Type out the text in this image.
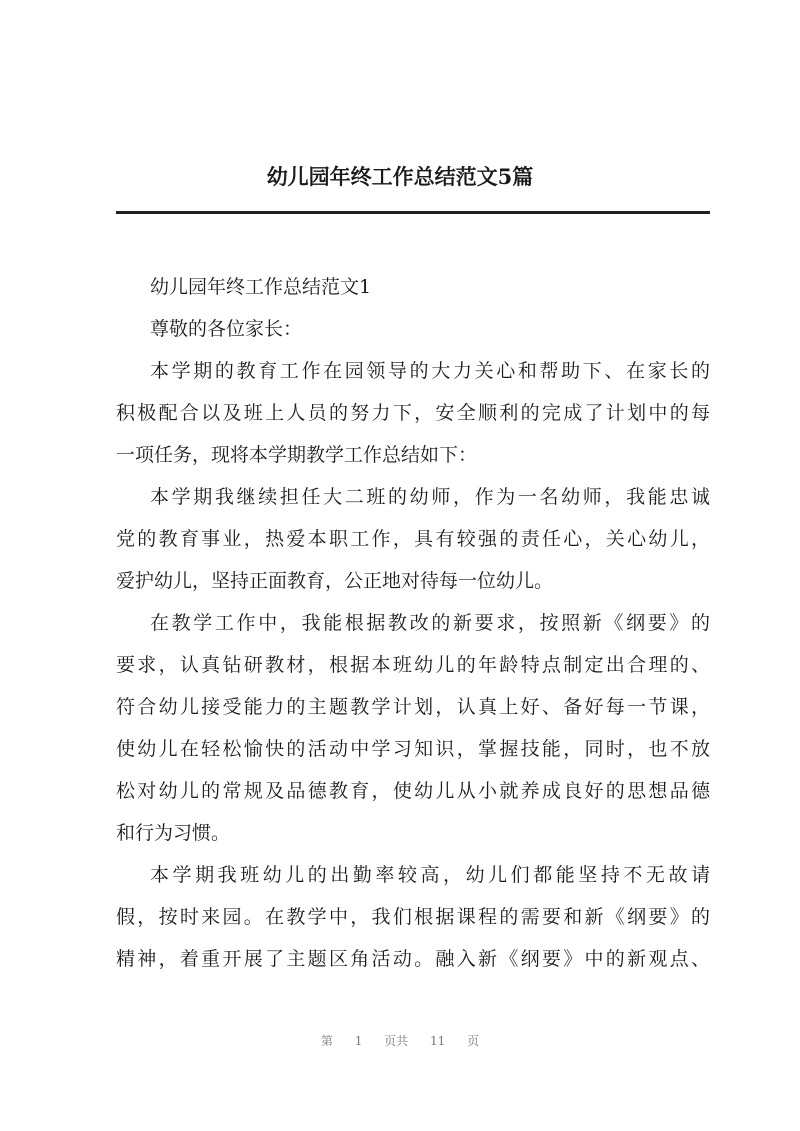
幼儿园年终工作总结范文5篇
幼儿园年终工作总结范文1
尊敬的各位家长：
本学期的教育工作在园领导的大力关心和帮助下、在家长的
积极配合以及班上人员的努力下，安全顺利的完成了计划中的每
一项任务，现将本学期教学工作总结如下：
本学期我继续担任大二班的幼师，作为一名幼师，我能忠诚
党的教育事业，热爱本职工作，具有较强的责任心，关心幼儿，
爱护幼儿，坚持正面教育，公正地对待每一位幼儿。
在教学工作中，我能根据教改的新要求，按照新《纲要》的
要求，认真钻研教材，根据本班幼儿的年龄特点制定出合理的、
符合幼儿接受能力的主题教学计划，认真上好、备好每一节课，
使幼儿在轻松愉快的活动中学习知识，掌握技能，同时，也不放
松对幼儿的常规及品德教育，使幼儿从小就养成良好的思想品德
和行为习惯。
本学期我班幼儿的出勤率较高，幼儿们都能坚持不无故请
假，按时来园。在教学中，我们根据课程的需要和新《纲要》的
精神，着重开展了主题区角活动。融入新《纲要》中的新观点、
第 1 页共 11 页
